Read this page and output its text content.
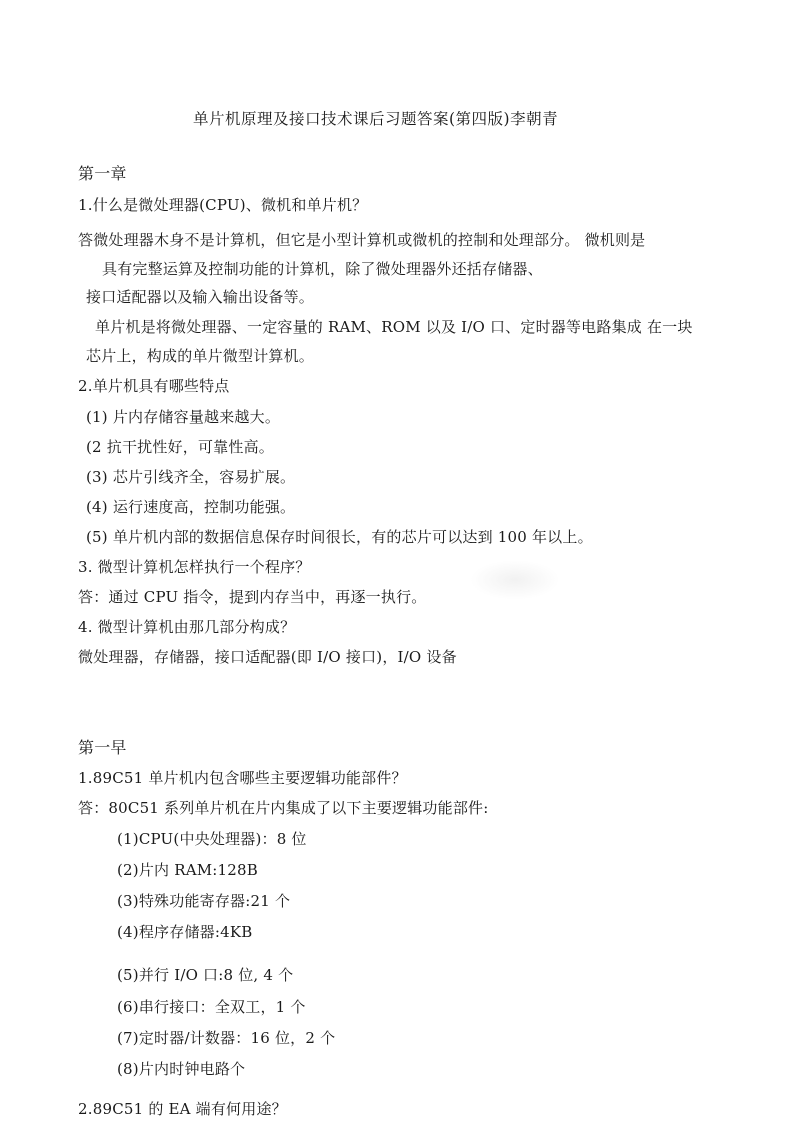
单片机原理及接口技术课后习题答案(第四版)李朝青
第一章
1.什么是微处理器(CPU)、微机和单片机？
答微处理器木身不是计算机，但它是小型计算机或微机的控制和处理部分。 微机则是
具有完整运算及控制功能的计算机，除了微处理器外还括存储器、
接口适配器以及输入输出设备等。
单片机是将微处理器、一定容量的 RAM、ROM 以及 I/O 口、定时器等电路集成 在一块
芯片上，构成的单片微型计算机。
2.单片机具有哪些特点
(1) 片内存储容量越来越大。
(2 抗干扰性好，可靠性高。
(3) 芯片引线齐全，容易扩展。
(4) 运行速度高，控制功能强。
(5) 单片机内部的数据信息保存时间很长，有的芯片可以达到 100 年以上。
3. 微型计算机怎样执行一个程序？
答：通过 CPU 指令，提到内存当中，再逐一执行。
4. 微型计算机由那几部分构成？
微处理器，存储器，接口适配器(即 I/O 接口)，I/O 设备
第一早
1.89C51 单片机内包含哪些主要逻辑功能部件？
答：80C51 系列单片机在片内集成了以下主要逻辑功能部件:
(1)CPU(中央处理器)：8 位
(2)片内 RAM:128B
(3)特殊功能寄存器:21 个
(4)程序存储器:4KB
(5)并行 I/O 口:8 位, 4 个
(6)串行接口：全双工，1 个
(7)定时器/计数器：16 位，2 个
(8)片内时钟电路个
2.89C51 的 EA 端有何用途？
